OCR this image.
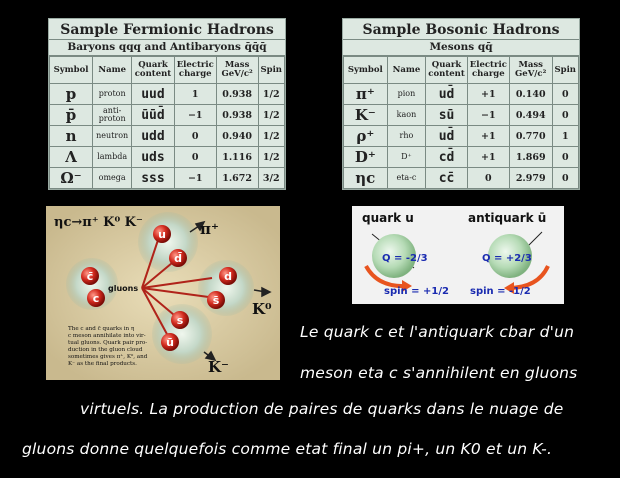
Sample Fermionic Hadrons
Baryons qqq and Antibaryons q̄q̄q̄
Symbol	Name	Quark content	Electric charge	Mass GeV/c²	Spin
p	proton	uud	1	0.938	1/2
p̄	anti-proton	ūūd̄	−1	0.938	1/2
n	neutron	udd	0	0.940	1/2
Λ	lambda	uds	0	1.116	1/2
Ω⁻	omega	sss	−1	1.672	3/2
Sample Bosonic Hadrons
Mesons qq̄
Symbol	Name	Quark content	Electric charge	Mass GeV/c²	Spin
π⁺	pion	ud̄	+1	0.140	0
K⁻	kaon	sū	−1	0.494	0
ρ⁺	rho	ud̄	+1	0.770	1
D⁺	D⁺	cd̄	+1	1.869	0
ηc	eta-c	cc̄	0	2.979	0
c̄
c
u
d̄
d
s̄
s
ū
ηc→π⁺ K⁰ K⁻	π⁺
K⁰
K⁻
gluons
The c and c̄ quarks in η
c meson annihilate into vir-
tual gluons. Quark pair pro-
duction in the gluon cloud
sometimes gives π⁺, K⁰, and
K⁻ as the final products.
quark u	antiquark ū
Q = -2/3	Q = +2/3
spin = +1/2 spin = -1/2
Le quark c et l'antiquark cbar d'un
meson eta c s'annihilent en gluons
virtuels. La production de paires de quarks dans le nuage de
gluons donne quelquefois comme etat final un pi+, un K0 et un K-.
